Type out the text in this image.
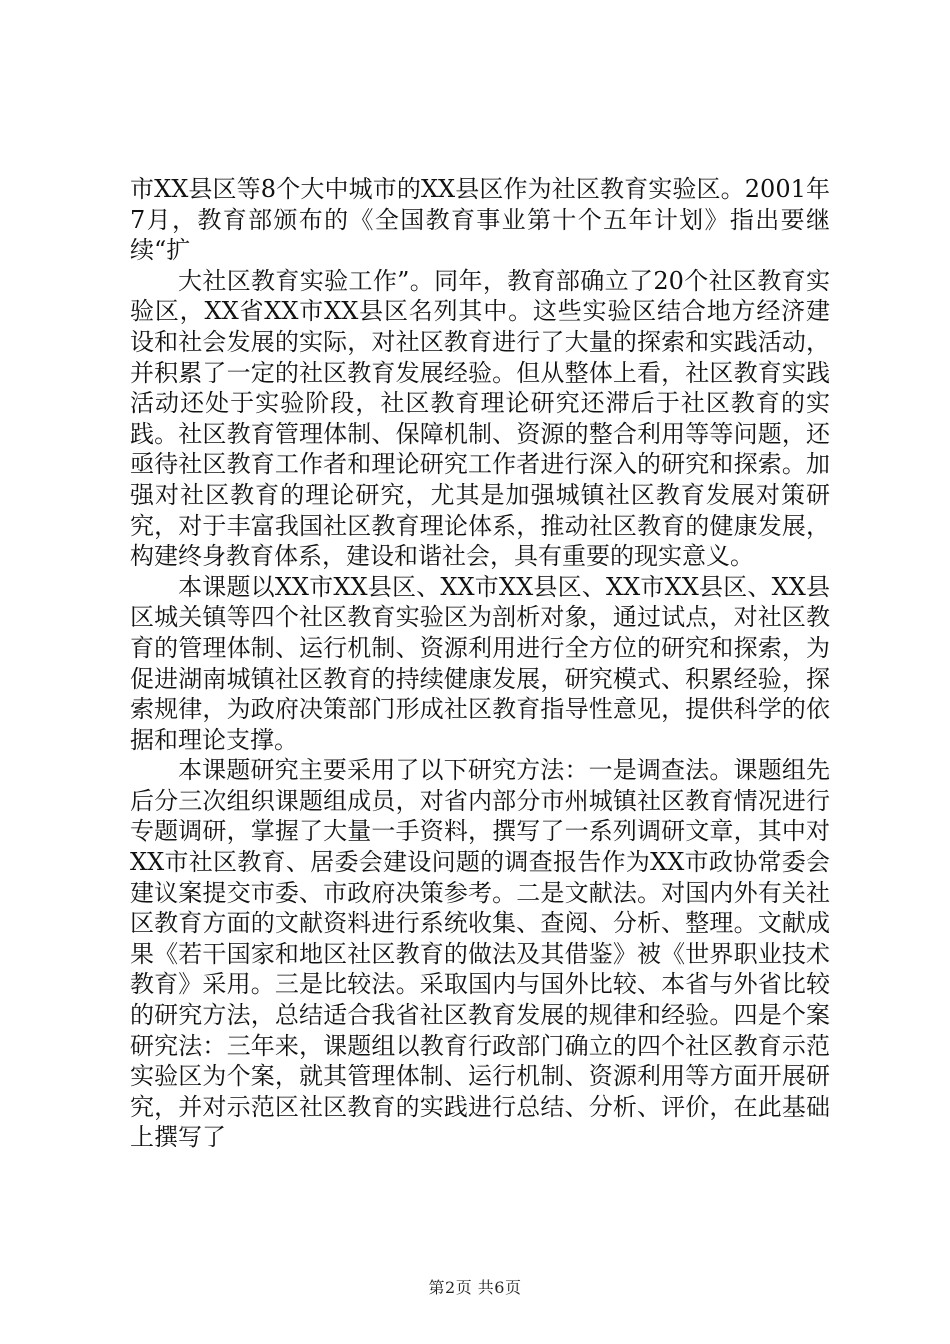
市XX县区等8个大中城市的XX县区作为社区教育实验区。2001年7月，教育部颁布的《全国教育事业第十个五年计划》指出要继续“扩

大社区教育实验工作”。同年，教育部确立了20个社区教育实验区，XX省XX市XX县区名列其中。这些实验区结合地方经济建设和社会发展的实际，对社区教育进行了大量的探索和实践活动，并积累了一定的社区教育发展经验。但从整体上看，社区教育实践活动还处于实验阶段，社区教育理论研究还滞后于社区教育的实践。社区教育管理体制、保障机制、资源的整合利用等等问题，还亟待社区教育工作者和理论研究工作者进行深入的研究和探索。加强对社区教育的理论研究，尤其是加强城镇社区教育发展对策研究，对于丰富我国社区教育理论体系，推动社区教育的健康发展，构建终身教育体系，建设和谐社会，具有重要的现实意义。

本课题以XX市XX县区、XX市XX县区、XX市XX县区、XX县区城关镇等四个社区教育实验区为剖析对象，通过试点，对社区教育的管理体制、运行机制、资源利用进行全方位的研究和探索，为促进湖南城镇社区教育的持续健康发展，研究模式、积累经验，探索规律，为政府决策部门形成社区教育指导性意见，提供科学的依据和理论支撑。

本课题研究主要采用了以下研究方法：一是调查法。课题组先后分三次组织课题组成员，对省内部分市州城镇社区教育情况进行专题调研，掌握了大量一手资料，撰写了一系列调研文章，其中对XX市社区教育、居委会建设问题的调查报告作为XX市政协常委会建议案提交市委、市政府决策参考。二是文献法。对国内外有关社区教育方面的文献资料进行系统收集、查阅、分析、整理。文献成果《若干国家和地区社区教育的做法及其借鉴》被《世界职业技术教育》采用。三是比较法。采取国内与国外比较、本省与外省比较的研究方法，总结适合我省社区教育发展的规律和经验。四是个案研究法：三年来，课题组以教育行政部门确立的四个社区教育示范实验区为个案，就其管理体制、运行机制、资源利用等方面开展研究，并对示范区社区教育的实践进行总结、分析、评价，在此基础上撰写了

第2页 共6页
